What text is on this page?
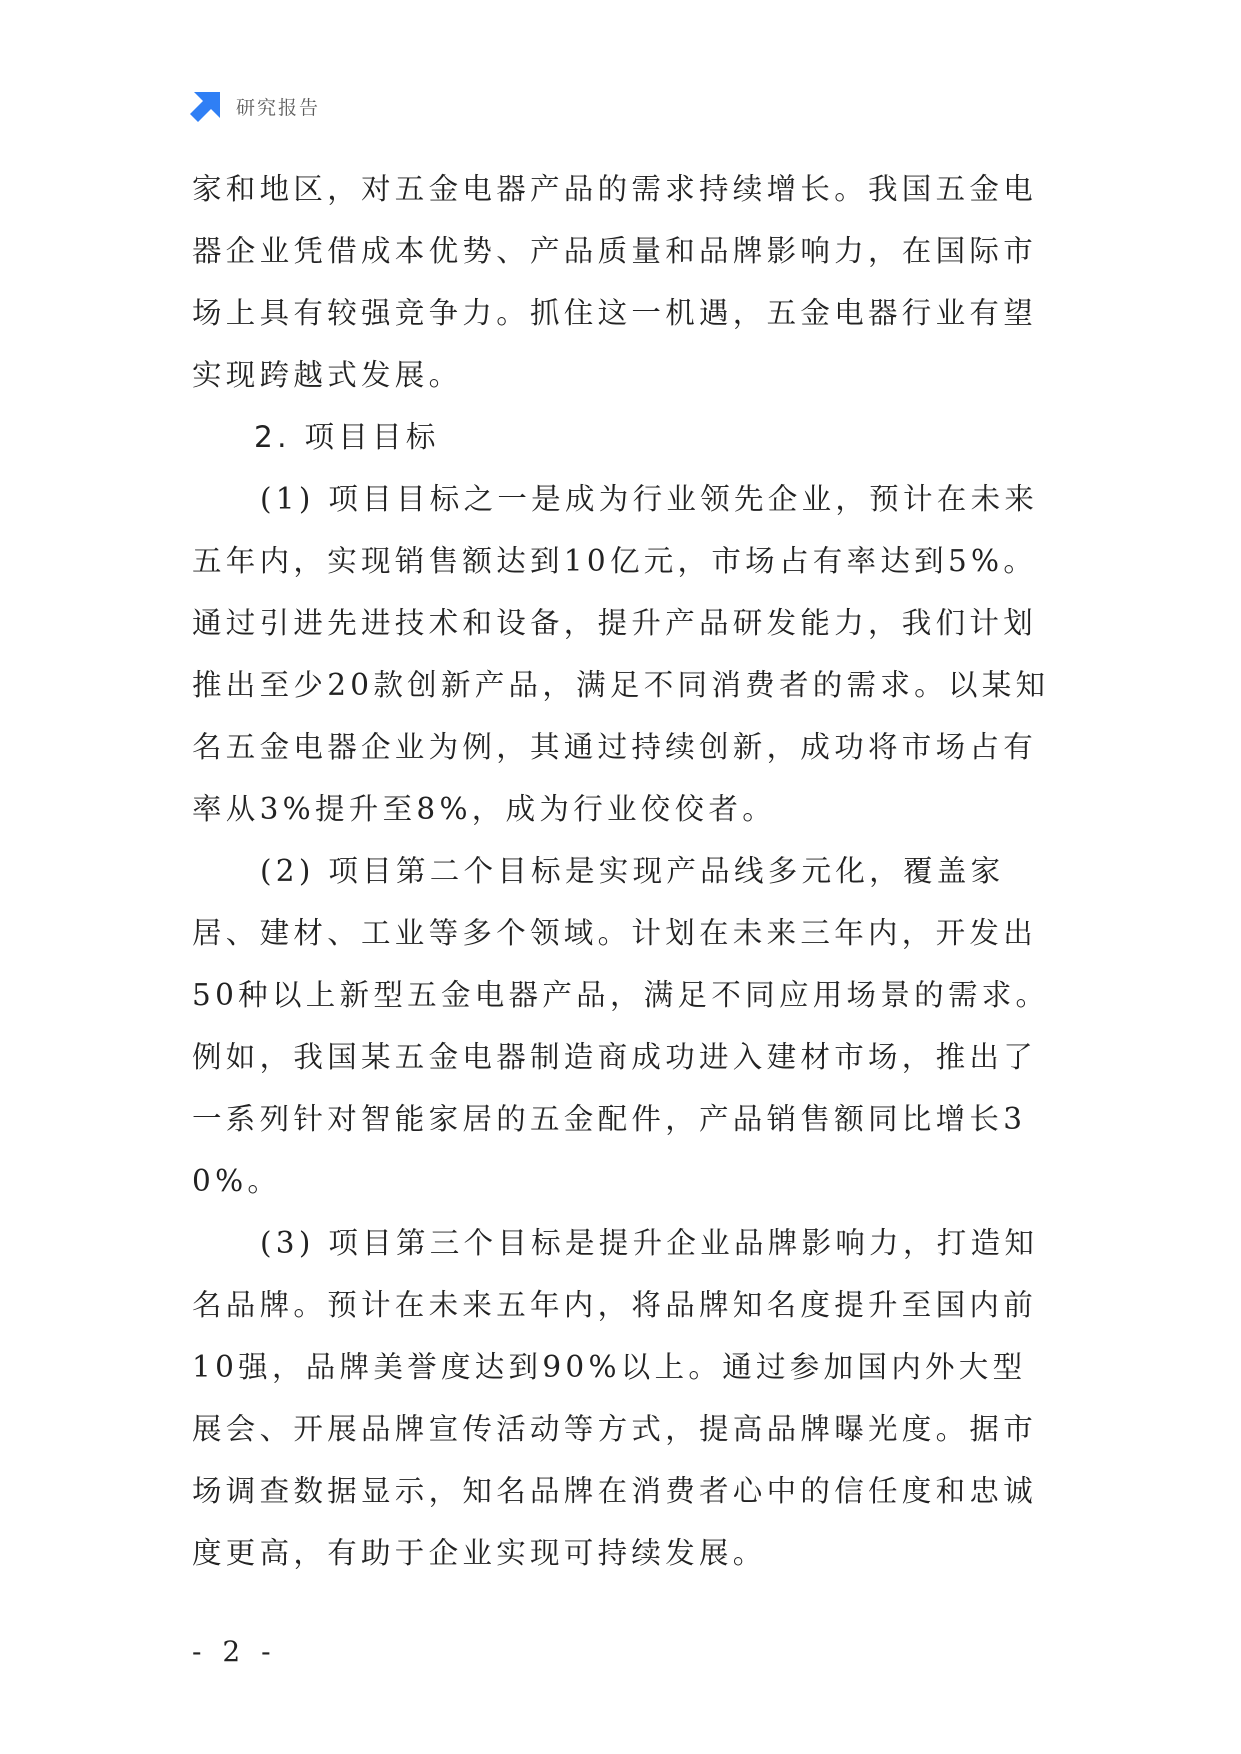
研究报告

家和地区，对五金电器产品的需求持续增长。我国五金电器企业凭借成本优势、产品质量和品牌影响力，在国际市场上具有较强竞争力。抓住这一机遇，五金电器行业有望实现跨越式发展。

2. 项目目标

(1) 项目目标之一是成为行业领先企业，预计在未来五年内，实现销售额达到10亿元，市场占有率达到5%。通过引进先进技术和设备，提升产品研发能力，我们计划推出至少20款创新产品，满足不同消费者的需求。以某知名五金电器企业为例，其通过持续创新，成功将市场占有率从3%提升至8%，成为行业佼佼者。

(2) 项目第二个目标是实现产品线多元化，覆盖家居、建材、工业等多个领域。计划在未来三年内，开发出50种以上新型五金电器产品，满足不同应用场景的需求。例如，我国某五金电器制造商成功进入建材市场，推出了一系列针对智能家居的五金配件，产品销售额同比增长30%。

(3) 项目第三个目标是提升企业品牌影响力，打造知名品牌。预计在未来五年内，将品牌知名度提升至国内前10强，品牌美誉度达到90%以上。通过参加国内外大型展会、开展品牌宣传活动等方式，提高品牌曝光度。据市场调查数据显示，知名品牌在消费者心中的信任度和忠诚度更高，有助于企业实现可持续发展。

- 2 -
